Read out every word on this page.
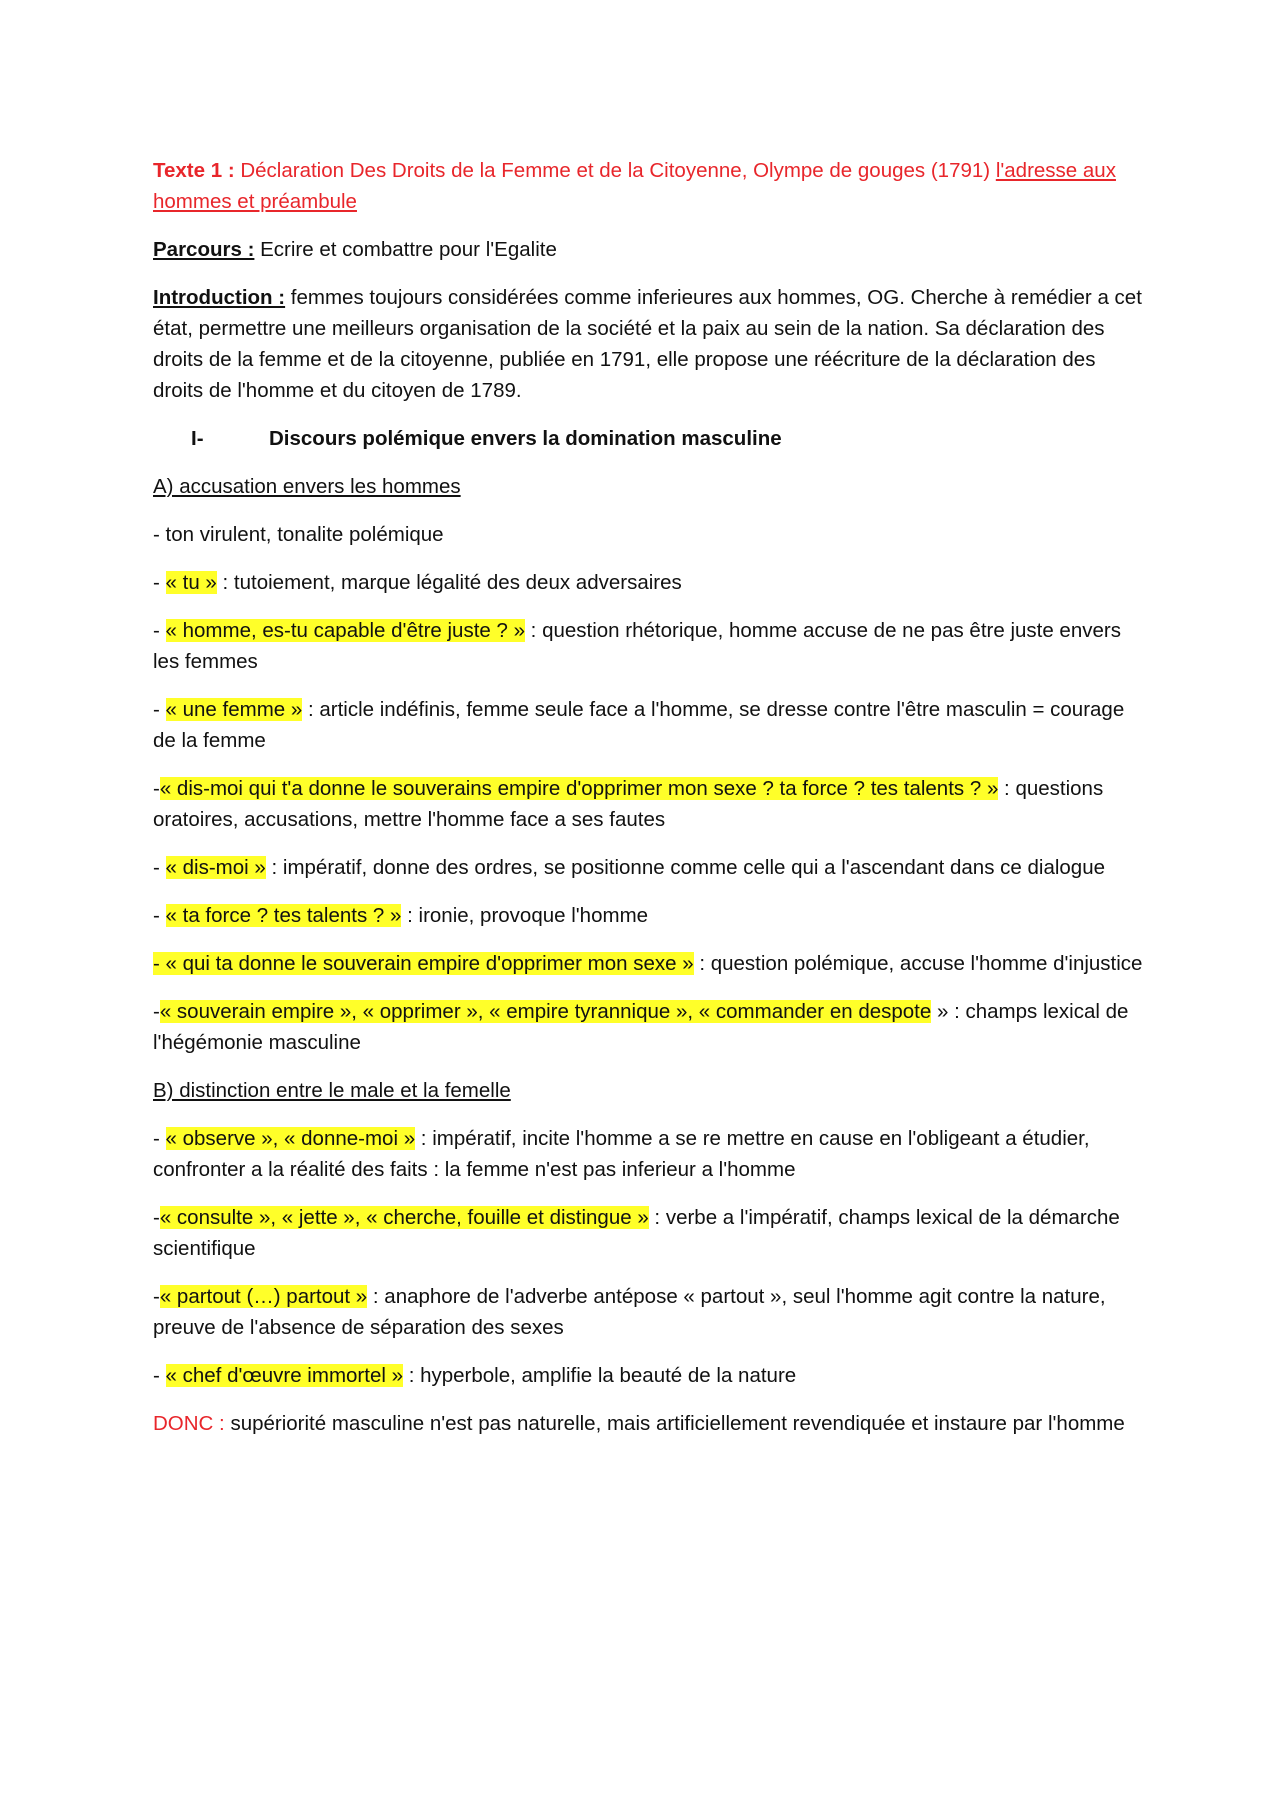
Texte 1 : Déclaration Des Droits de la Femme et de la Citoyenne, Olympe de gouges (1791) l'adresse aux hommes et préambule

Parcours : Ecrire et combattre pour l'Egalite

Introduction : femmes toujours considérées comme inferieures aux hommes, OG. Cherche à remédier a cet état, permettre une meilleurs organisation de la société et la paix au sein de la nation. Sa déclaration des droits de la femme et de la citoyenne, publiée en 1791, elle propose une réécriture de la déclaration des droits de l'homme et du citoyen de 1789.

I-	Discours polémique envers la domination masculine

A) accusation envers les hommes

- ton virulent, tonalite polémique

- « tu » : tutoiement, marque légalité des deux adversaires

- « homme, es-tu capable d'être juste ? » : question rhétorique, homme accuse de ne pas être juste envers les femmes

- « une femme » : article indéfinis, femme seule face a l'homme, se dresse contre l'être masculin = courage de la femme

-« dis-moi qui t'a donne le souverains empire d'opprimer mon sexe ? ta force ? tes talents ? » : questions oratoires, accusations, mettre l'homme face a ses fautes

- « dis-moi » : impératif, donne des ordres, se positionne comme celle qui a l'ascendant dans ce dialogue

- « ta force ? tes talents ? » : ironie, provoque l'homme

- « qui ta donne le souverain empire d'opprimer mon sexe » : question polémique, accuse l'homme d'injustice

-« souverain empire », « opprimer », « empire tyrannique », « commander en despote » : champs lexical de l'hégémonie masculine

B) distinction entre le male et la femelle

- « observe », « donne-moi » : impératif, incite l'homme a se re mettre en cause en l'obligeant a étudier, confronter a la réalité des faits : la femme n'est pas inferieur a l'homme

-« consulte », « jette », « cherche, fouille et distingue » : verbe a l'impératif, champs lexical de la démarche scientifique

-« partout (…) partout » : anaphore de l'adverbe antépose « partout », seul l'homme agit contre la nature, preuve de l'absence de séparation des sexes

- « chef d'œuvre immortel » : hyperbole, amplifie la beauté de la nature

DONC : supériorité masculine n'est pas naturelle, mais artificiellement revendiquée et instaure par l'homme
